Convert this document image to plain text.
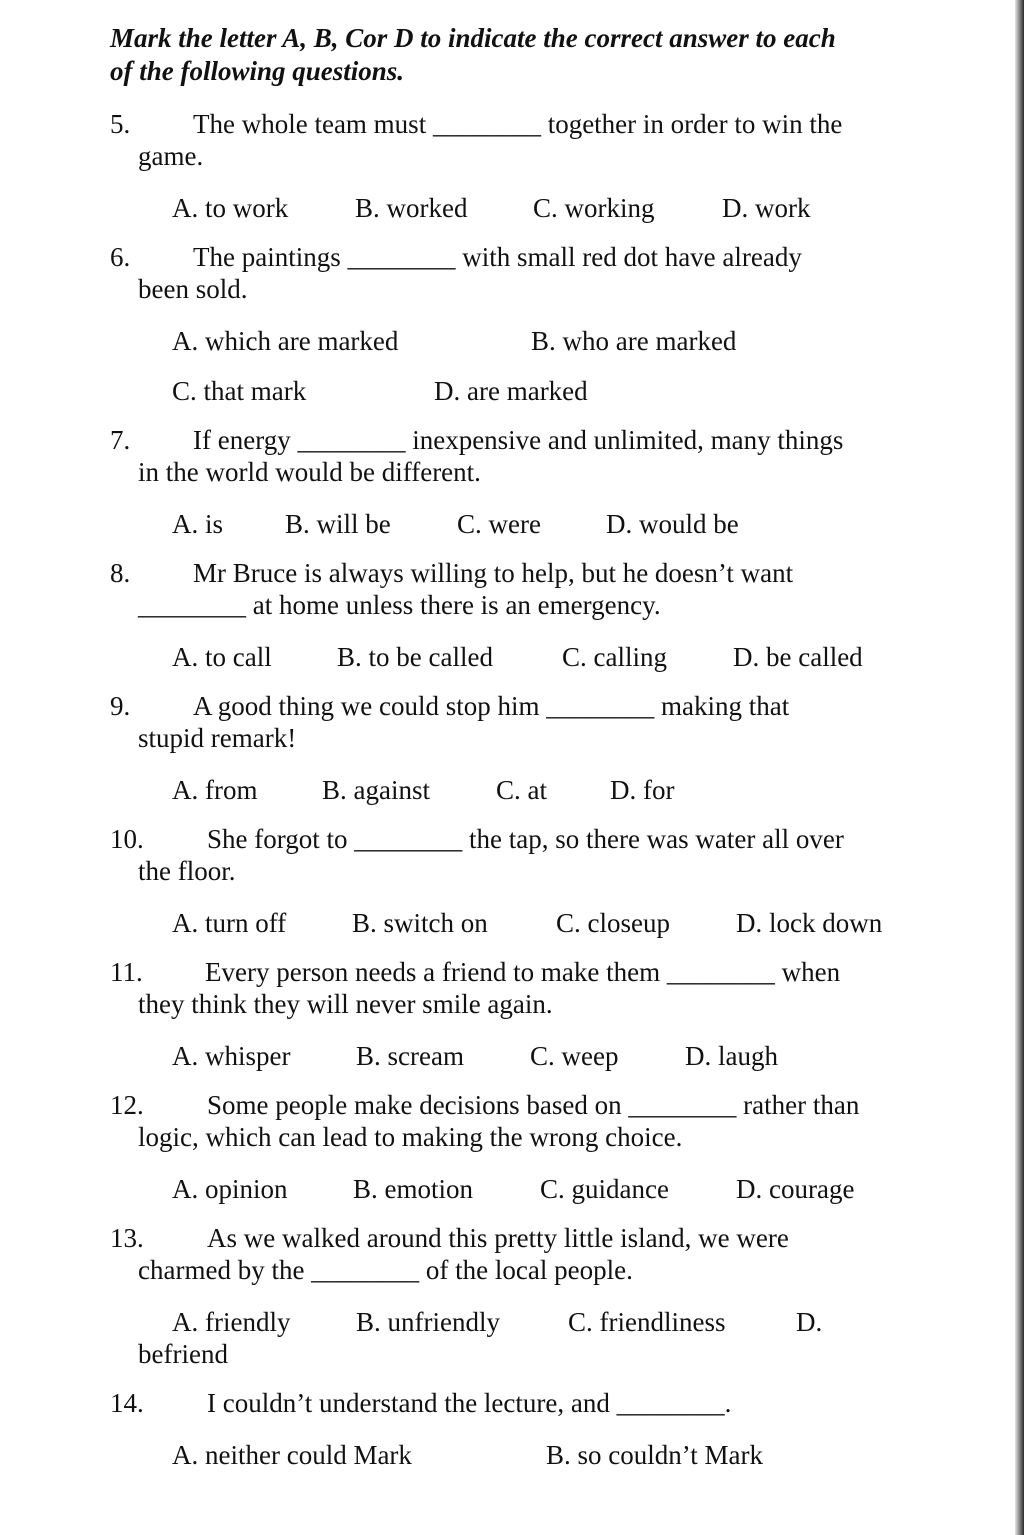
Mark the letter A, B, Cor D to indicate the correct answer to each
of the following questions.

5. The whole team must ________ together in order to win the
game.
A. to work B. worked C. working	D. work
6. The paintings ________ with small red dot have already
been sold.
A. which are marked	B. who are marked
C. that mark	D. are marked
7. If energy ________ inexpensive and unlimited, many things
in the world would be different.
A. is B. will be C. were D. would be
8. Mr Bruce is always willing to help, but he doesn’t want
________ at home unless there is an emergency.
A. to call B. to be called	C. calling D. be called
9. A good thing we could stop him ________ making that
stupid remark!
A. from B. against C. at D. for
10. She forgot to ________ the tap, so there was water all over
the floor.
A. turn off B. switch on	C. closeup D. lock down
11. Every person needs a friend to make them ________ when
they think they will never smile again.
A. whisper B. scream C. weep D. laugh
12. Some people make decisions based on ________ rather than
logic, which can lead to making the wrong choice.
A. opinion B. emotion C. guidance D. courage
13. As we walked around this pretty little island, we were
charmed by the ________ of the local people.
A. friendly B. unfriendly	C. friendliness	D.
befriend
14. I couldn’t understand the lecture, and ________.
A. neither could Mark	B. so couldn’t Mark
